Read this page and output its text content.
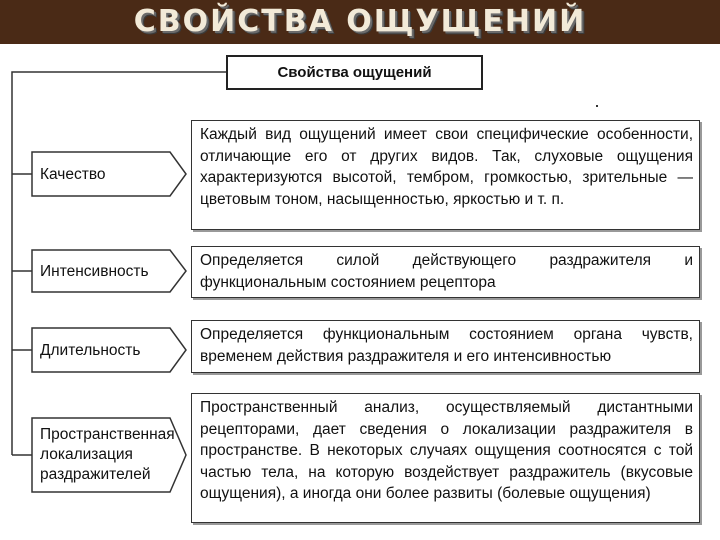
СВОЙСТВА ОЩУЩЕНИЙ
Свойства ощущений
Качество
Интенсивность
Длительность
Пространственная локализация раздражителей
Каждый вид ощущений имеет свои специфические особенности, отличающие его от других видов. Так, слуховые ощущения характеризуются высотой, тембром, громкостью, зрительные — цветовым тоном, насыщенностью, яркостью и т. п.
Определяется силой действующего раздражителя и функциональным состоянием рецептора
Определяется функциональным состоянием органа чувств, временем действия раздражителя и его интенсивностью
Пространственный анализ, осуществляемый дистантными рецепторами, дает сведения о локализации раздражителя в пространстве. В некоторых случаях ощущения соотносятся с той частью тела, на которую воздействует раздражитель (вкусовые ощущения), а иногда они более развиты (болевые ощущения)
